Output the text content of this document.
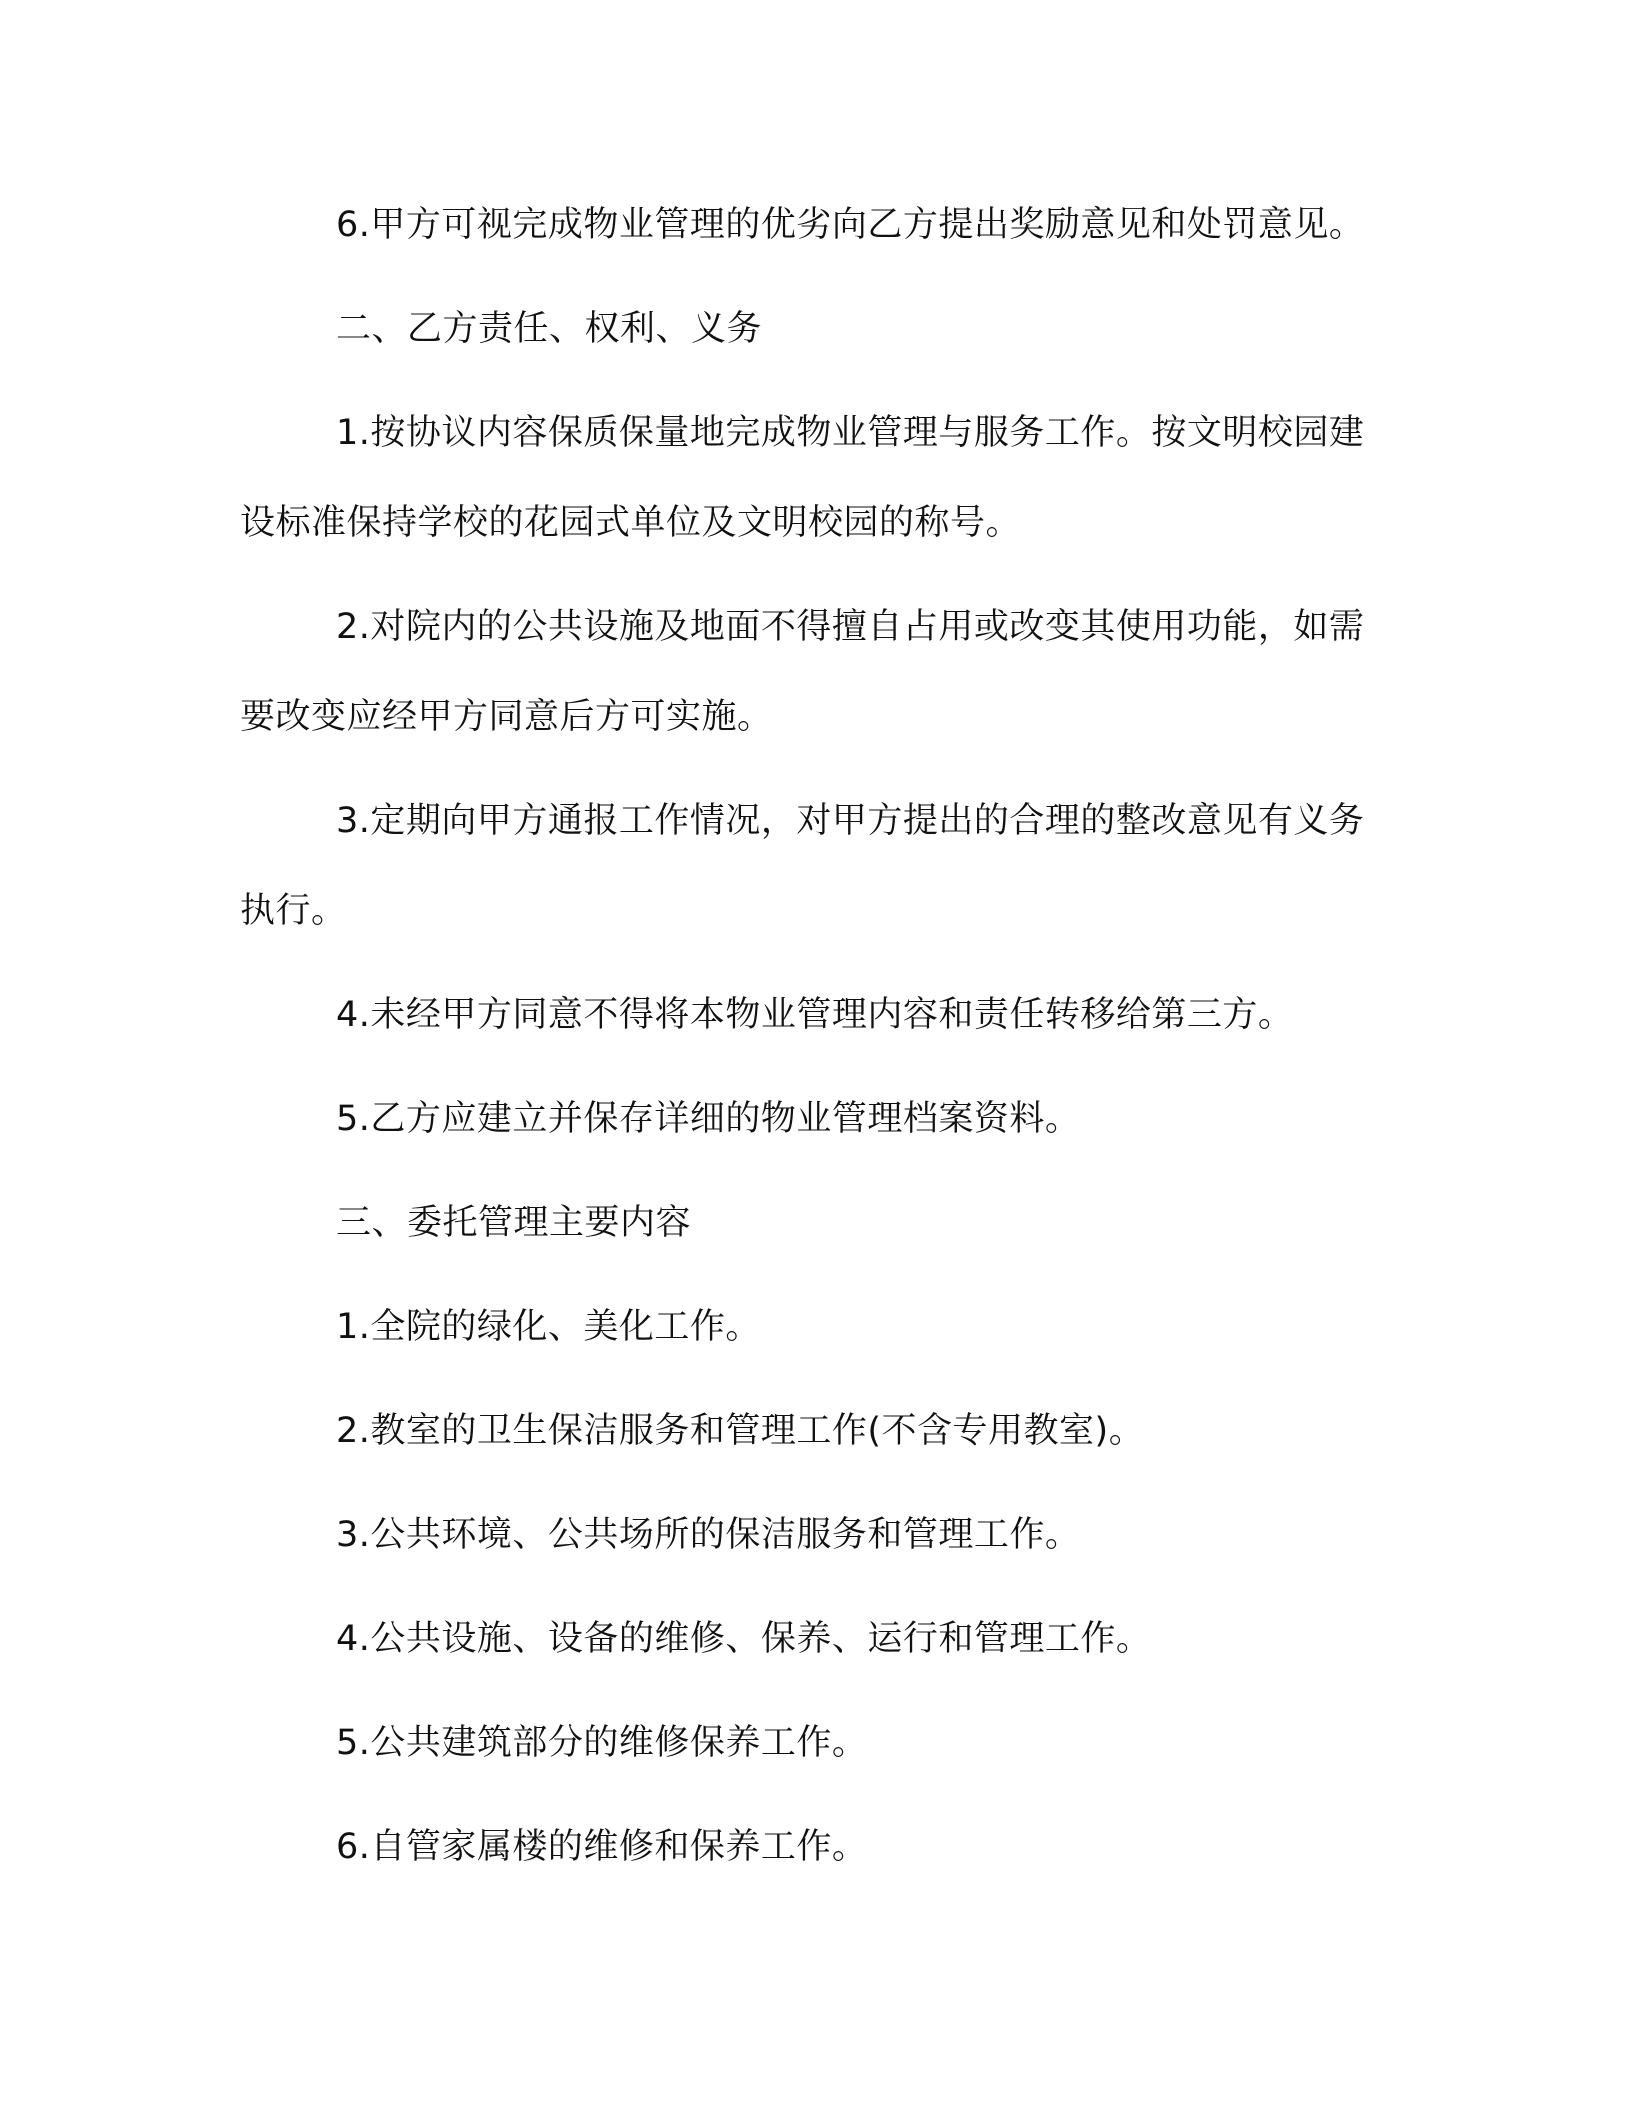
6.甲方可视完成物业管理的优劣向乙方提出奖励意见和处罚意见。

二、乙方责任、权利、义务

1.按协议内容保质保量地完成物业管理与服务工作。按文明校园建设标准保持学校的花园式单位及文明校园的称号。

2.对院内的公共设施及地面不得擅自占用或改变其使用功能，如需要改变应经甲方同意后方可实施。

3.定期向甲方通报工作情况，对甲方提出的合理的整改意见有义务执行。

4.未经甲方同意不得将本物业管理内容和责任转移给第三方。

5.乙方应建立并保存详细的物业管理档案资料。

三、委托管理主要内容

1.全院的绿化、美化工作。

2.教室的卫生保洁服务和管理工作(不含专用教室)。

3.公共环境、公共场所的保洁服务和管理工作。

4.公共设施、设备的维修、保养、运行和管理工作。

5.公共建筑部分的维修保养工作。

6.自管家属楼的维修和保养工作。
